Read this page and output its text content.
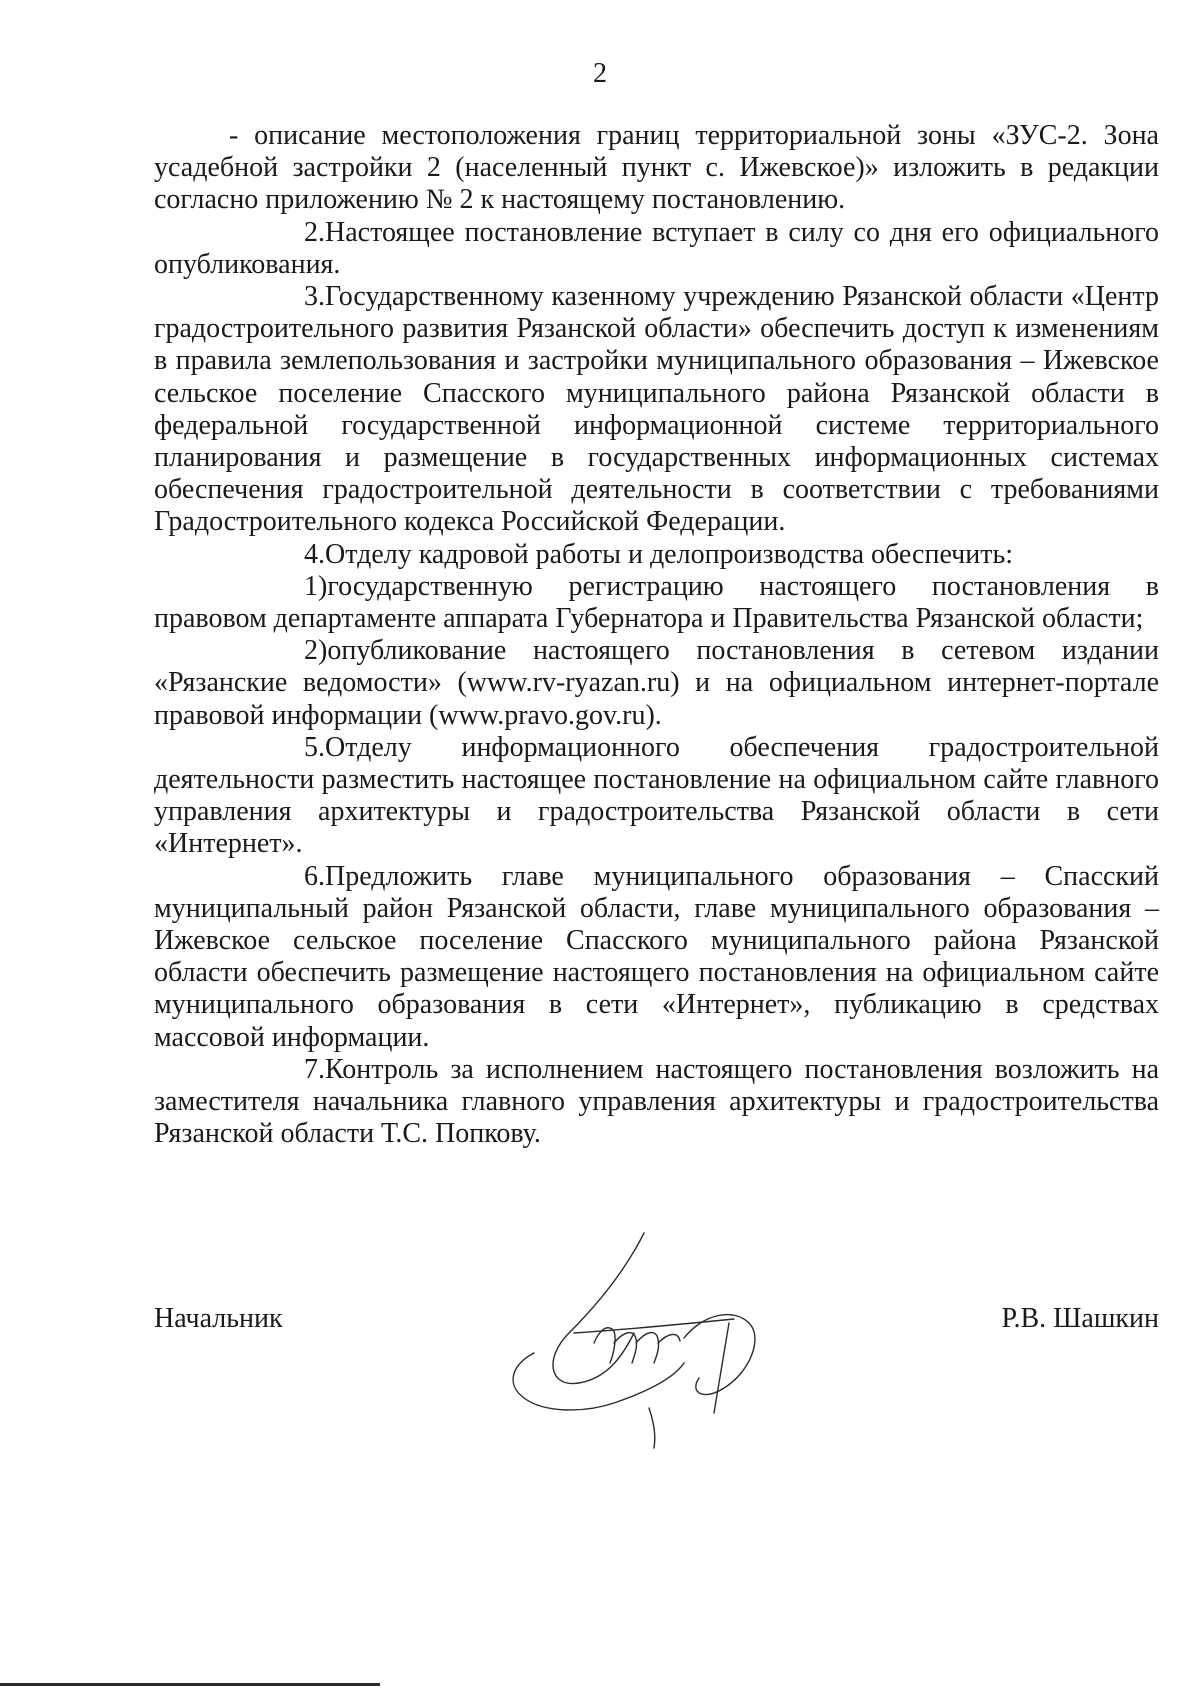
2

- описание местоположения границ территориальной зоны «ЗУС-2. Зона усадебной застройки 2 (населенный пункт с. Ижевское)» изложить в редакции согласно приложению № 2 к настоящему постановлению.

2.Настоящее постановление вступает в силу со дня его официального опубликования.

3.Государственному казенному учреждению Рязанской области «Центр градостроительного развития Рязанской области» обеспечить доступ к изменениям в правила землепользования и застройки муниципального образования – Ижевское сельское поселение Спасского муниципального района Рязанской области в федеральной государственной информационной системе территориального планирования и размещение в государственных информационных системах обеспечения градостроительной деятельности в соответствии с требованиями Градостроительного кодекса Российской Федерации.

4.Отделу кадровой работы и делопроизводства обеспечить:

1)государственную регистрацию настоящего постановления в правовом департаменте аппарата Губернатора и Правительства Рязанской области;

2)опубликование настоящего постановления в сетевом издании «Рязанские ведомости» (www.rv-ryazan.ru) и на официальном интернет-портале правовой информации (www.pravo.gov.ru).

5.Отделу информационного обеспечения градостроительной деятельности разместить настоящее постановление на официальном сайте главного управления архитектуры и градостроительства Рязанской области в сети «Интернет».

6.Предложить главе муниципального образования – Спасский муниципальный район Рязанской области, главе муниципального образования – Ижевское сельское поселение Спасского муниципального района Рязанской области обеспечить размещение настоящего постановления на официальном сайте муниципального образования в сети «Интернет», публикацию в средствах массовой информации.

7.Контроль за исполнением настоящего постановления возложить на заместителя начальника главного управления архитектуры и градостроительства Рязанской области Т.С. Попкову.

Начальник	Р.В. Шашкин
